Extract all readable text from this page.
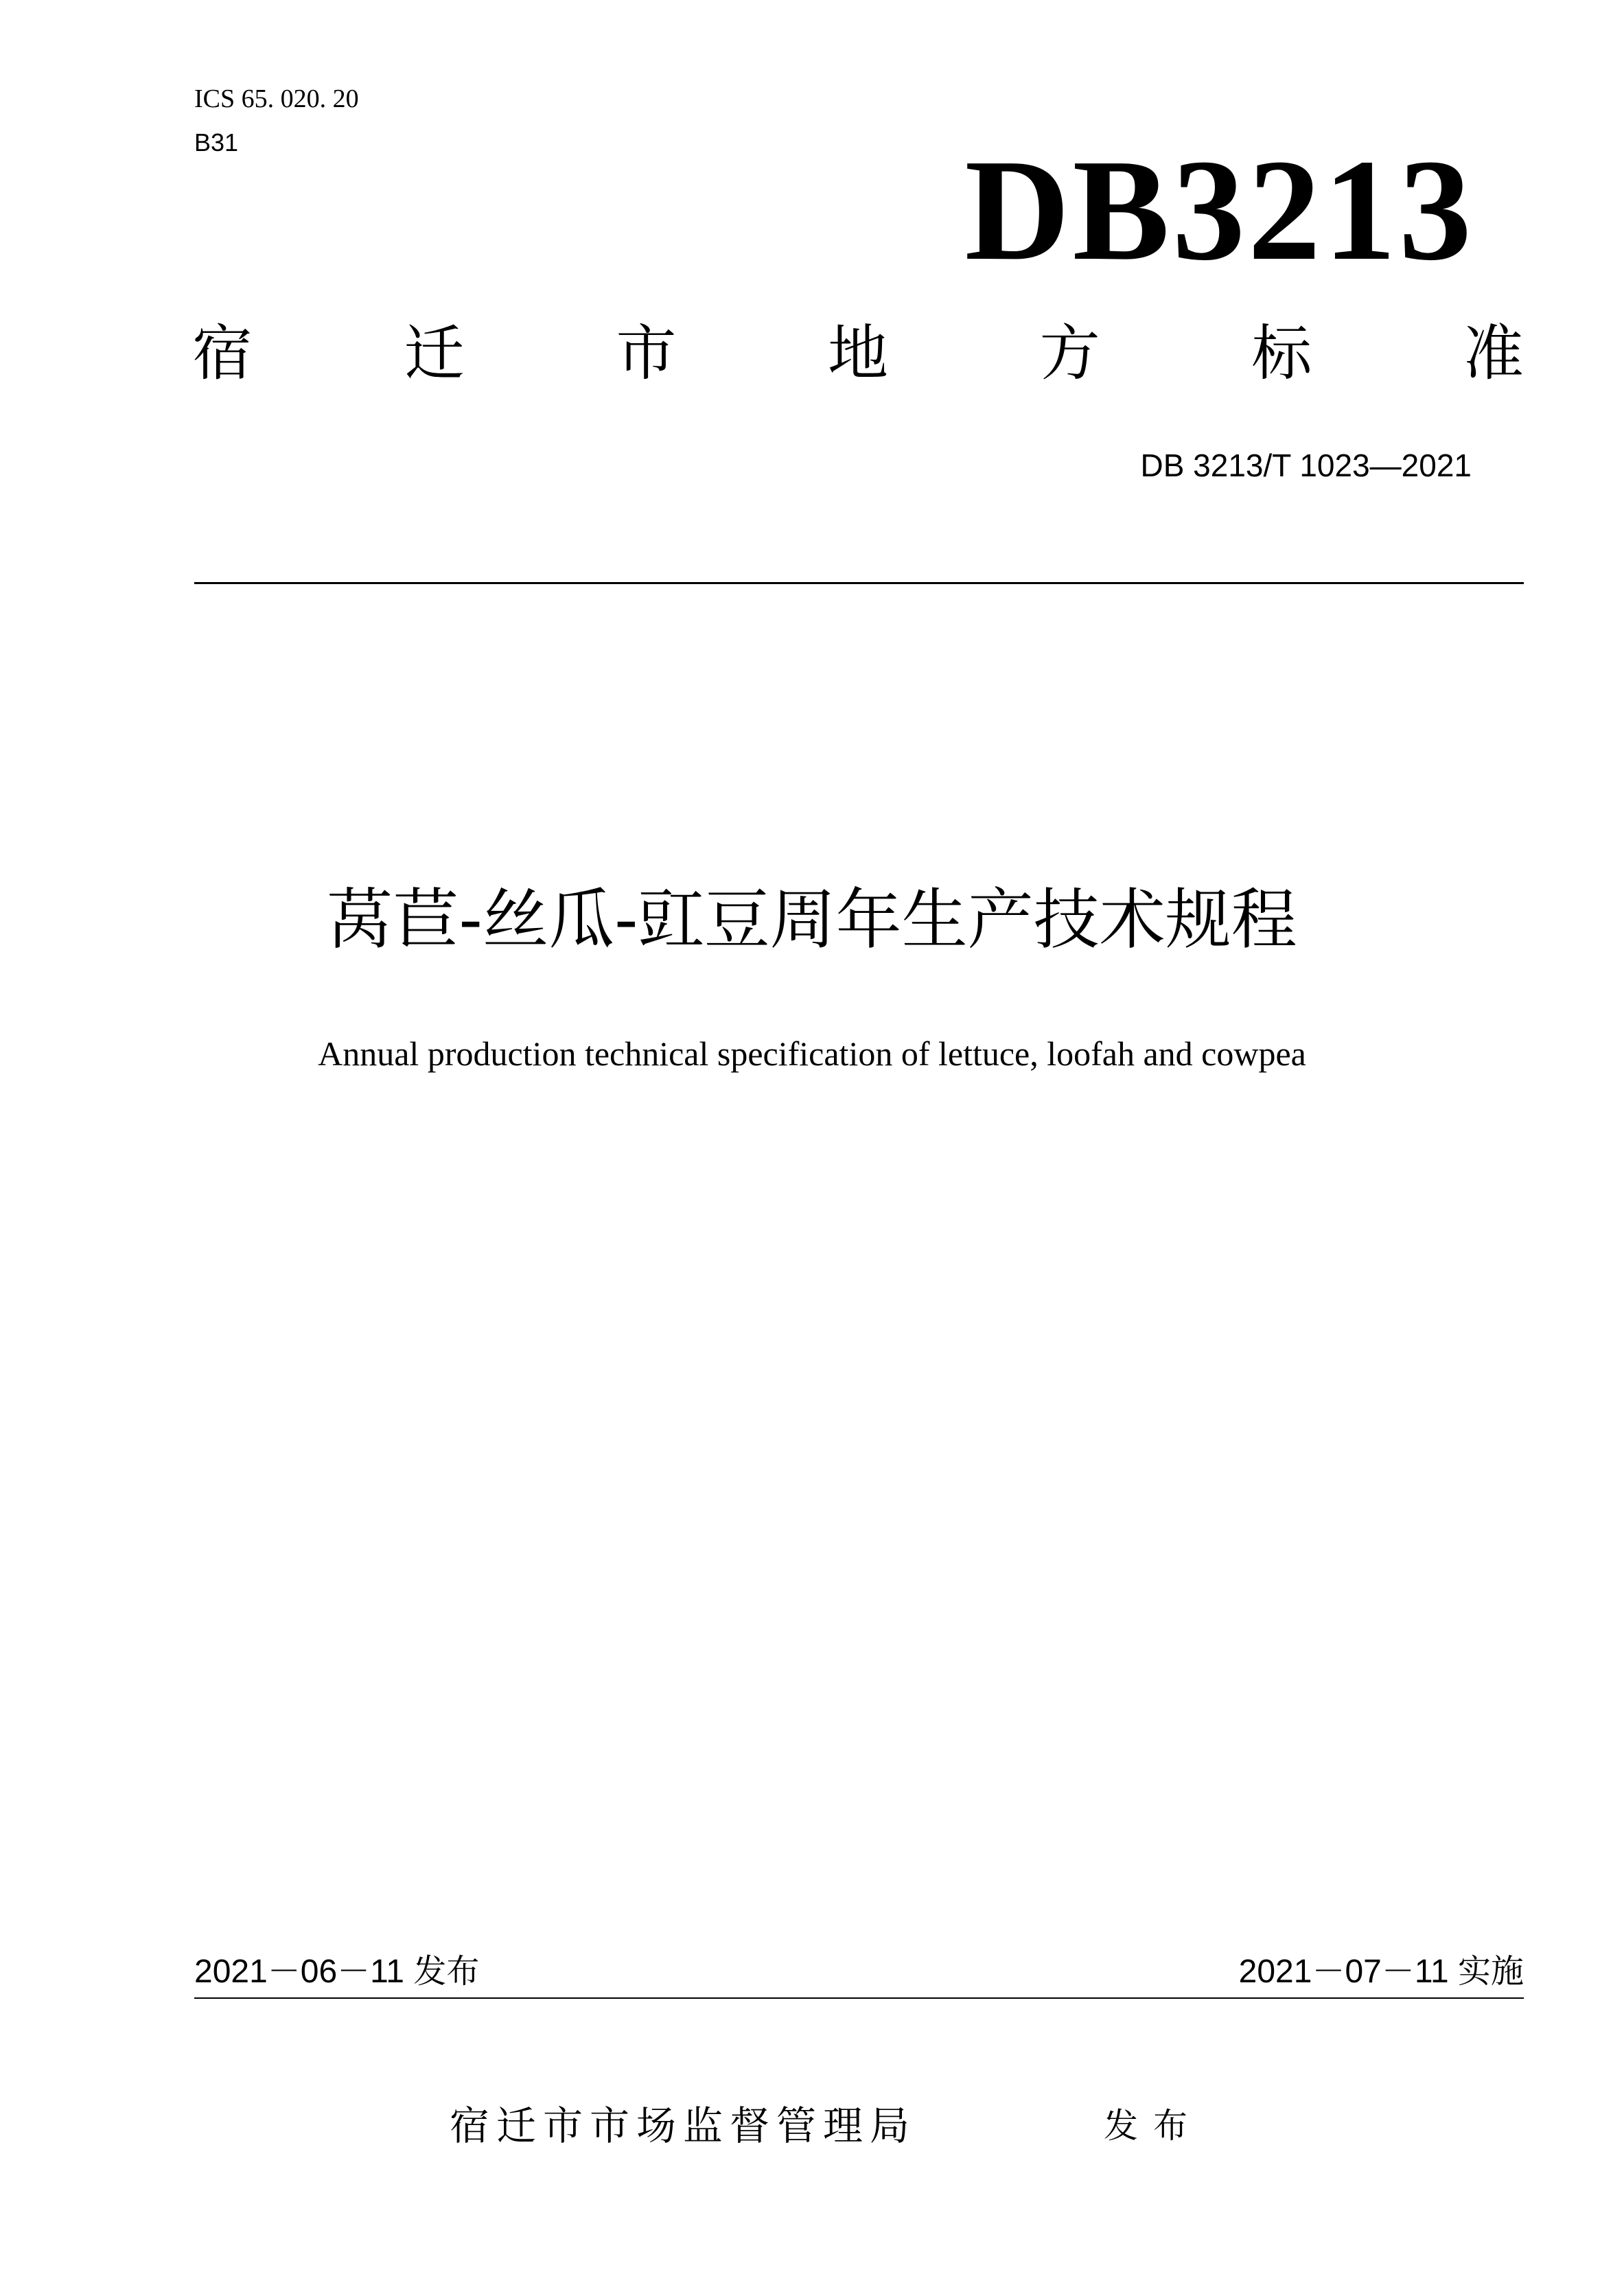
ICS 65. 020. 20
B31	DB3213
宿	迁	市	地	方	标	准
DB 3213/T 1023—2021
莴苣-丝瓜-豇豆周年生产技术规程
Annual production technical specification of lettuce, loofah and cowpea
2021－06－11 发布	2021－07－11 实施
宿迁市市场监督管理局	发布
